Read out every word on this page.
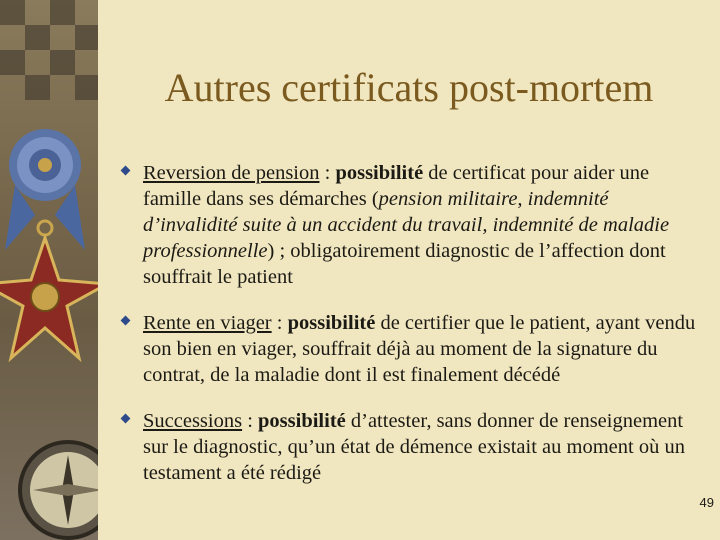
Autres certificats post-mortem
Reversion de pension : possibilité de certificat pour aider une famille dans ses démarches (pension militaire, indemnité d’invalidité suite à un accident du travail, indemnité de maladie professionnelle) ; obligatoirement diagnostic de l’affection dont souffrait le patient
Rente en viager : possibilité de certifier que le patient, ayant vendu son bien en viager, souffrait déjà au moment de la signature du contrat, de la maladie dont il est finalement décédé
Successions : possibilité d’attester, sans donner de renseignement sur le diagnostic, qu’un état de démence existait au moment où un testament a été rédigé
49
